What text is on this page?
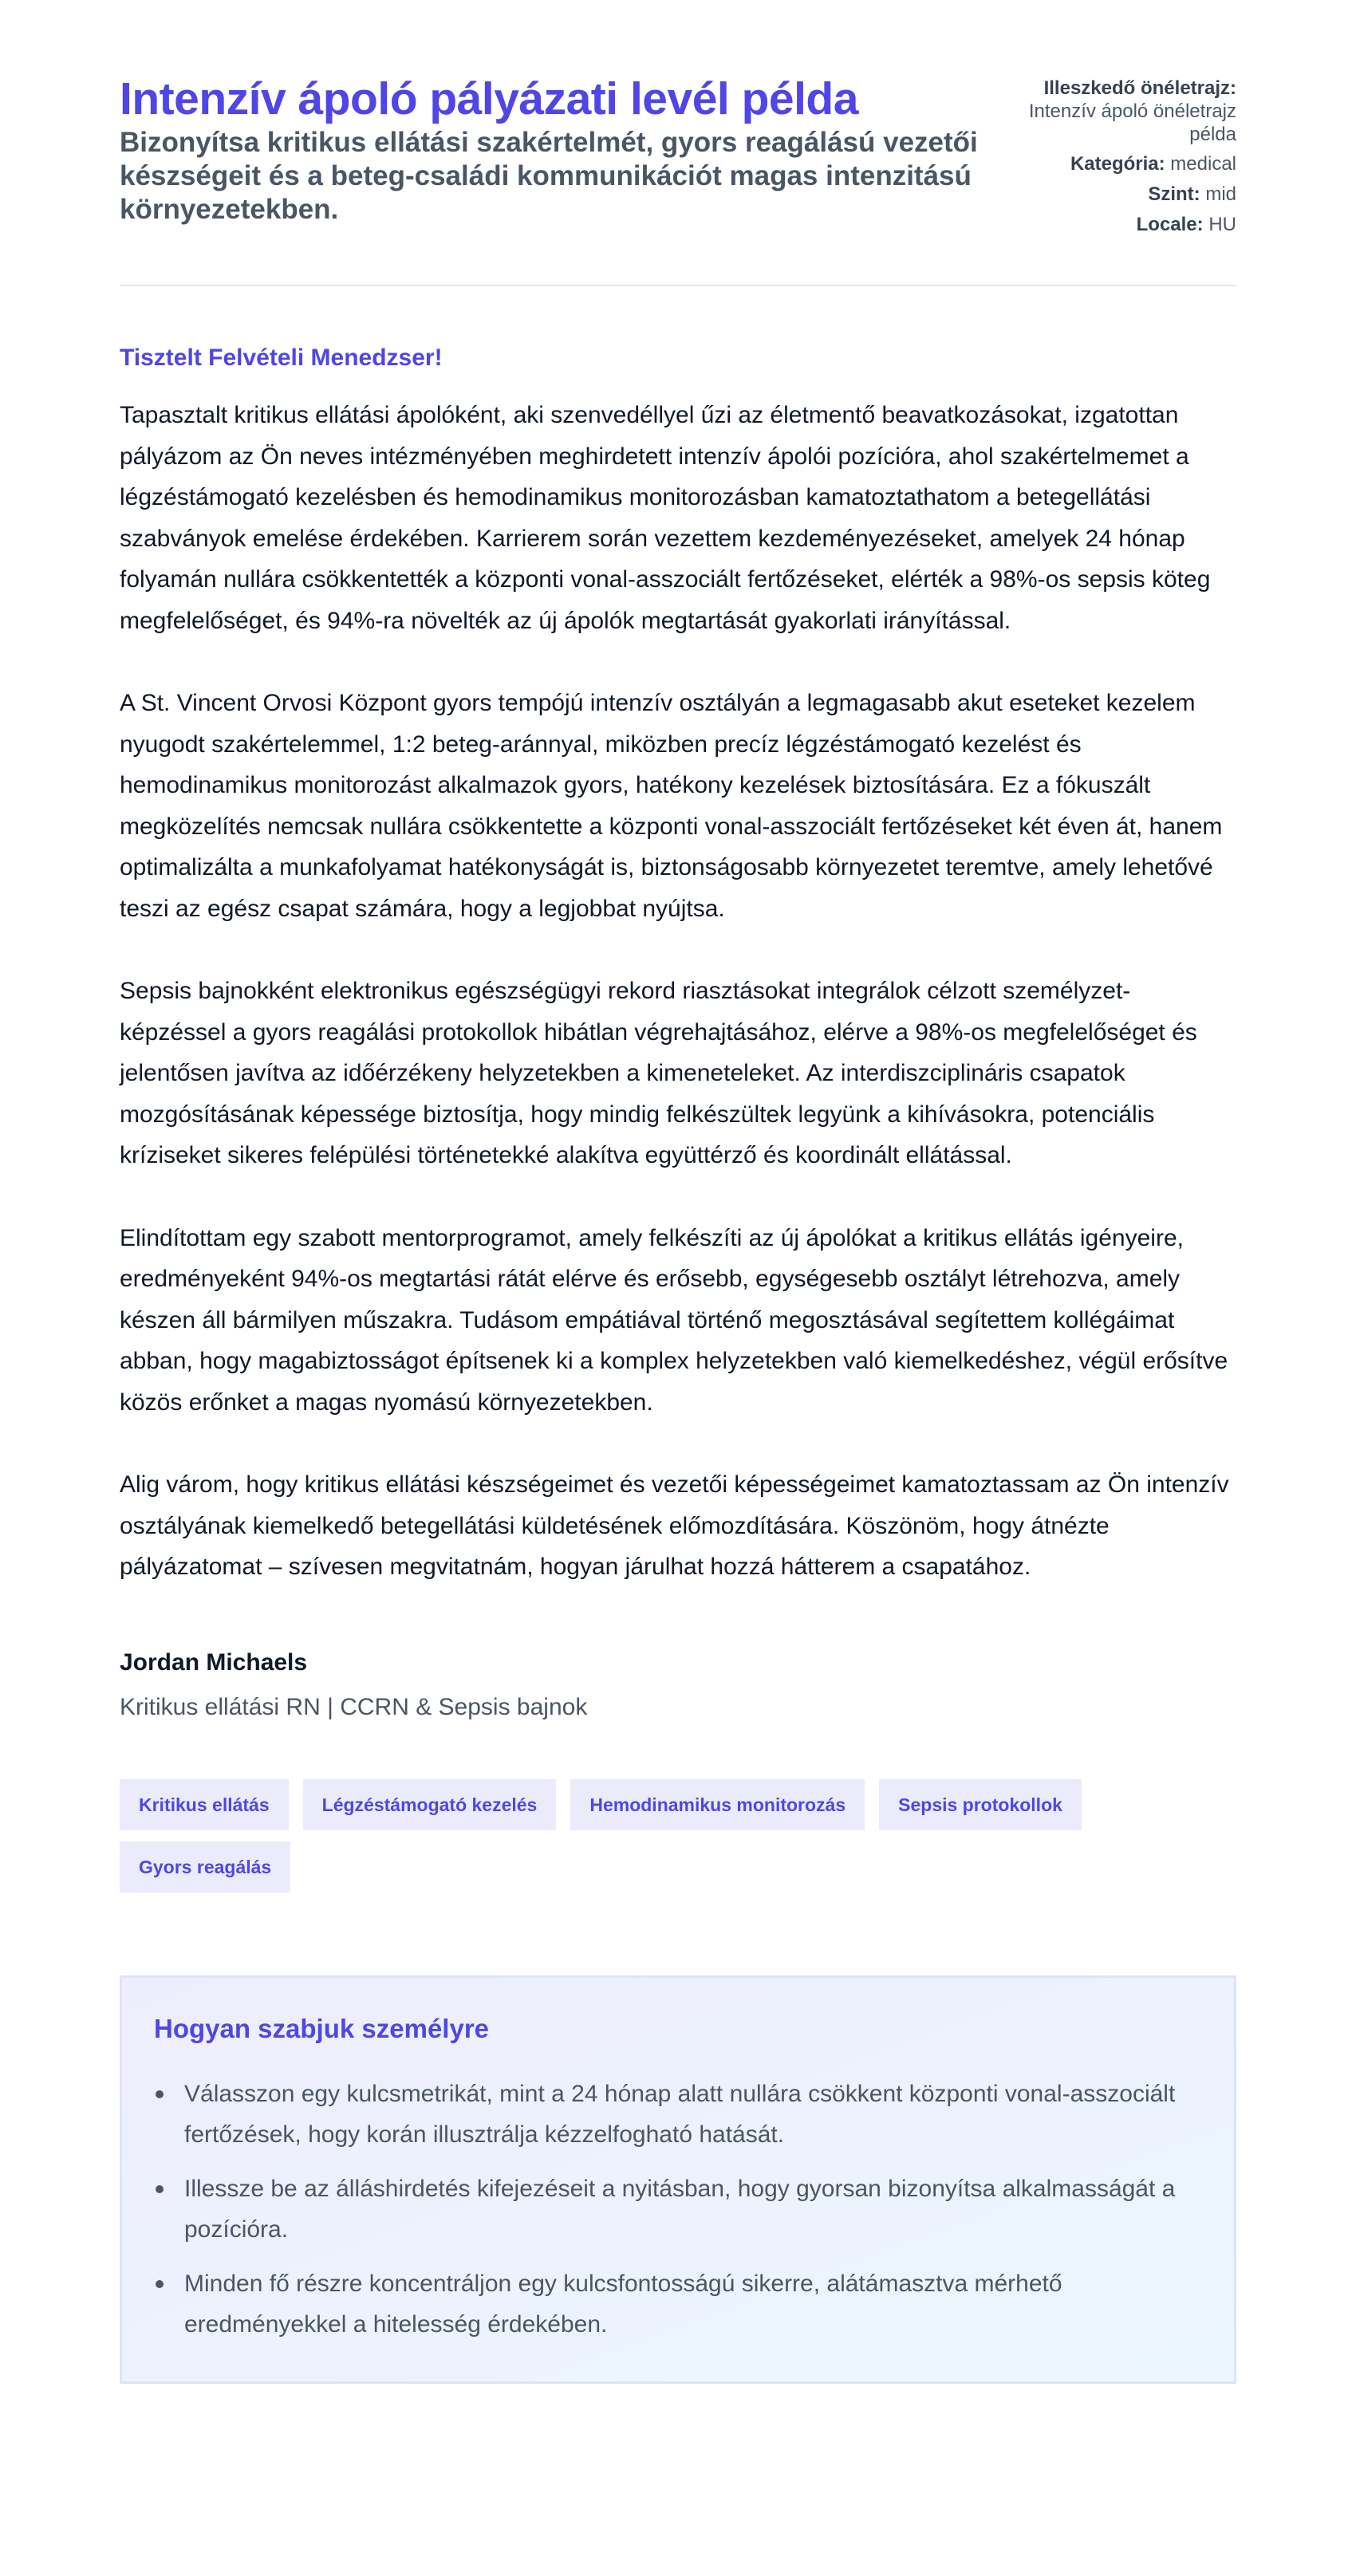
Intenzív ápoló pályázati levél példa

Bizonyítsa kritikus ellátási szakértelmét, gyors reagálású vezetői készségeit és a beteg-családi kommunikációt magas intenzitású környezetekben.

Illeszkedő önéletrajz:
Intenzív ápoló önéletrajz példa
Kategória: medical
Szint: mid
Locale: HU
Tisztelt Felvételi Menedzser!

Tapasztalt kritikus ellátási ápolóként, aki szenvedéllyel űzi az életmentő beavatkozásokat, izgatottan pályázom az Ön neves intézményében meghirdetett intenzív ápolói pozícióra, ahol szakértelmemet a légzéstámogató kezelésben és hemodinamikus monitorozásban kamatoztathatom a betegellátási szabványok emelése érdekében. Karrierem során vezettem kezdeményezéseket, amelyek 24 hónap folyamán nullára csökkentették a központi vonal-asszociált fertőzéseket, elérték a 98%-os sepsis köteg megfelelőséget, és 94%-ra növelték az új ápolók megtartását gyakorlati irányítással.

A St. Vincent Orvosi Központ gyors tempójú intenzív osztályán a legmagasabb akut eseteket kezelem nyugodt szakértelemmel, 1:2 beteg-aránnyal, miközben precíz légzéstámogató kezelést és hemodinamikus monitorozást alkalmazok gyors, hatékony kezelések biztosítására. Ez a fókuszált megközelítés nemcsak nullára csökkentette a központi vonal-asszociált fertőzéseket két éven át, hanem optimalizálta a munkafolyamat hatékonyságát is, biztonságosabb környezetet teremtve, amely lehetővé teszi az egész csapat számára, hogy a legjobbat nyújtsa.

Sepsis bajnokként elektronikus egészségügyi rekord riasztásokat integrálok célzott személyzet-képzéssel a gyors reagálási protokollok hibátlan végrehajtásához, elérve a 98%-os megfelelőséget és jelentősen javítva az időérzékeny helyzetekben a kimeneteleket. Az interdiszciplináris csapatok mozgósításának képessége biztosítja, hogy mindig felkészültek legyünk a kihívásokra, potenciális kríziseket sikeres felépülési történetekké alakítva együttérző és koordinált ellátással.

Elindítottam egy szabott mentorprogramot, amely felkészíti az új ápolókat a kritikus ellátás igényeire, eredményeként 94%-os megtartási rátát elérve és erősebb, egységesebb osztályt létrehozva, amely készen áll bármilyen műszakra. Tudásom empátiával történő megosztásával segítettem kollégáimat abban, hogy magabiztosságot építsenek ki a komplex helyzetekben való kiemelkedéshez, végül erősítve közös erőnket a magas nyomású környezetekben.

Alig várom, hogy kritikus ellátási készségeimet és vezetői képességeimet kamatoztassam az Ön intenzív osztályának kiemelkedő betegellátási küldetésének előmozdítására. Köszönöm, hogy átnézte pályázatomat – szívesen megvitatnám, hogyan járulhat hozzá hátterem a csapatához.

Jordan Michaels
Kritikus ellátási RN | CCRN & Sepsis bajnok
Kritikus ellátás	Légzéstámogató kezelés	Hemodinamikus monitorozás	Sepsis protokollok
Gyors reagálás
Hogyan szabjuk személyre
Válasszon egy kulcsmetrikát, mint a 24 hónap alatt nullára csökkent központi vonal-asszociált fertőzések, hogy korán illusztrálja kézzelfogható hatását.
Illessze be az álláshirdetés kifejezéseit a nyitásban, hogy gyorsan bizonyítsa alkalmasságát a pozícióra.
Minden fő részre koncentráljon egy kulcsfontosságú sikerre, alátámasztva mérhető eredményekkel a hitelesség érdekében.
